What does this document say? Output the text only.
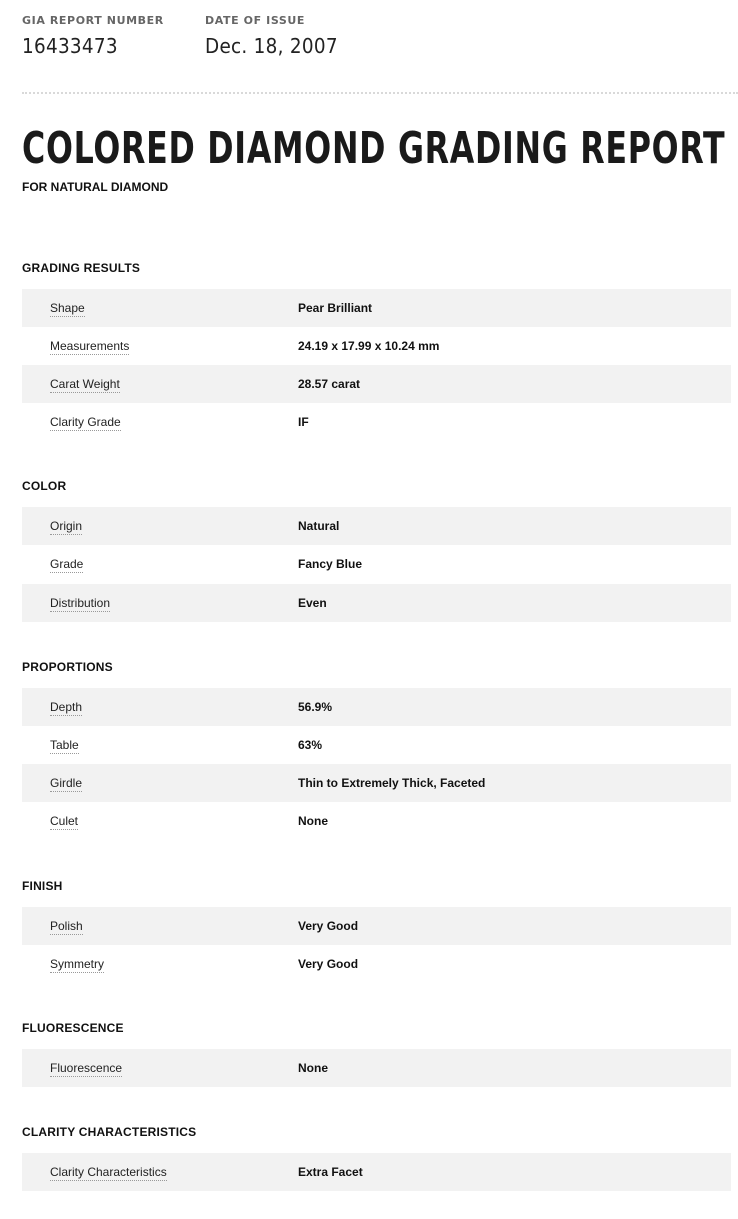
GIA REPORT NUMBER
16433473
DATE OF ISSUE
Dec. 18, 2007
COLORED DIAMOND GRADING REPORT
FOR NATURAL DIAMOND
GRADING RESULTS
Shape	Pear Brilliant
Measurements	24.19 x 17.99 x 10.24 mm
Carat Weight	28.57 carat
Clarity Grade	IF
COLOR
Origin	Natural
Grade	Fancy Blue
Distribution	Even
PROPORTIONS
Depth	56.9%
Table	63%
Girdle	Thin to Extremely Thick, Faceted
Culet	None
FINISH
Polish	Very Good
Symmetry	Very Good
FLUORESCENCE
Fluorescence	None
CLARITY CHARACTERISTICS
Clarity Characteristics	Extra Facet
